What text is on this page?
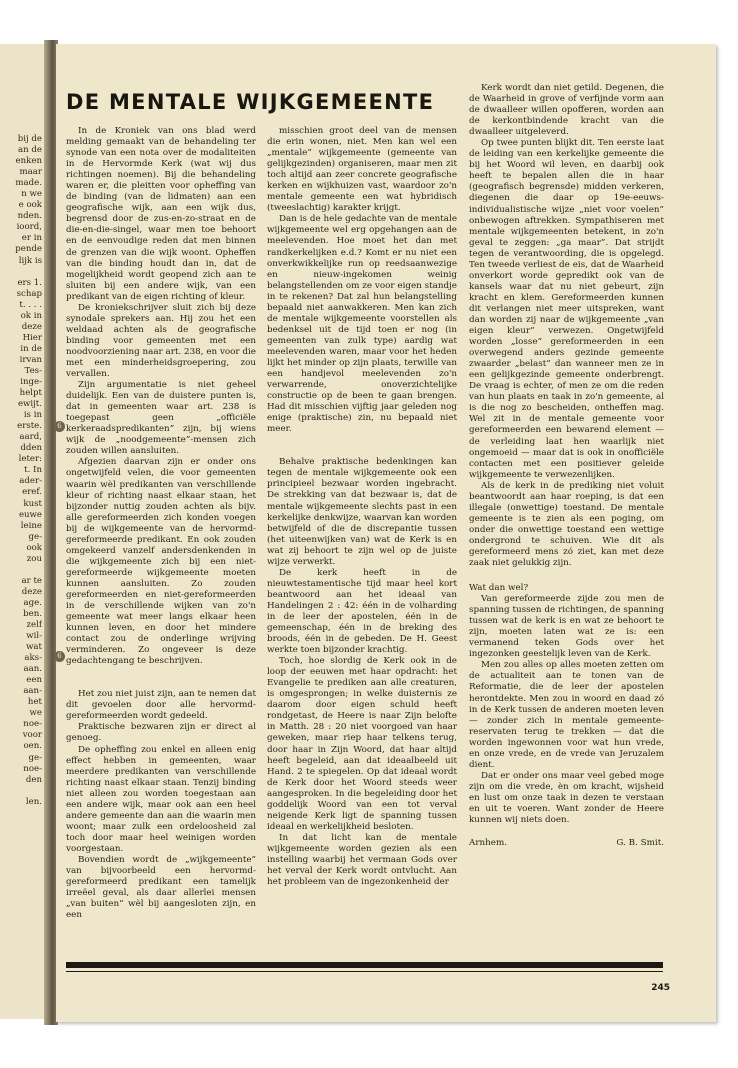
bij de
an de
enken
maar
made.
n we
e ook
nden.
ioord,
er in
pende
lijk is
ers 1.
schap
t. . . .
ok in
deze
Hier
in de
irvan
Tes-
inge-
helpt
ewijt.
is in
erste.
aard,
dden
leter:
t. In
ader-
eref.
kust
euwe
leine
ge-
ook
zou
ar te
deze
age.
ben.
zelf
wil-
wat
aks-
aan.
een
aan-
het
we
noe-
voor
oen.
ge-
noe-
den
len.
DE MENTALE WIJKGEMEENTE

In de Kroniek van ons blad werd melding gemaakt van de behandeling ter synode van een nota over de modaliteiten in de Hervormde Kerk (wat wij dus richtingen noemen). Bij die behandeling waren er, die pleitten voor opheffing van de binding (van de lidmaten) aan een geografische wijk, aan een wijk dus, begrensd door de zus-en-zo-straat en de die-en-die-singel, waar men toe behoort en de eenvoudige reden dat men binnen de grenzen van die wijk woont. Opheffen van die binding houdt dan in, dat de mogelijkheid wordt geopend zich aan te sluiten bij een andere wijk, van een predikant van de eigen richting of kleur.

De kroniekschrijver sluit zich bij deze synodale sprekers aan. Hij zou het een weldaad achten als de geografische binding voor gemeenten met een noodvoorziening naar art. 238, en voor die met een minderheidsgroepering, zou vervallen.

Zijn argumentatie is niet geheel duidelijk. Een van de duistere punten is, dat in gemeenten waar art. 238 is toegepast geen „officiële kerkeraadspredikanten” zijn, bij wiens wijk de „noodgemeente”-mensen zich zouden willen aansluiten.

Afgezien daarvan zijn er onder ons ongetwijfeld velen, die voor gemeenten waarin wèl predikanten van verschillende kleur of richting naast elkaar staan, het bijzonder nuttig zouden achten als bijv. alle gereformeerden zich konden voegen bij de wijkgemeente van de hervormd-gereformeerde predikant. En ook zouden omgekeerd vanzelf andersdenkenden in die wijkgemeente zich bij een niet-gereformeerde wijkgemeente moeten kunnen aansluiten. Zo zouden gereformeerden en niet-gereformeerden in de verschillende wijken van zo'n gemeente wat meer langs elkaar heen kunnen leven, en door het mindere contact zou de onderlinge wrijving verminderen. Zo ongeveer is deze gedachtengang te beschrijven.

Het zou niet juist zijn, aan te nemen dat dit gevoelen door alle hervormd-gereformeerden wordt gedeeld.

Praktische bezwaren zijn er direct al genoeg.

De opheffing zou enkel en alleen enig effect hebben in gemeenten, waar meerdere predikanten van verschillende richting naast elkaar staan. Tenzij binding niet alleen zou worden toegestaan aan een andere wijk, maar ook aan een heel andere gemeente dan aan die waarin men woont; maar zulk een ordeloosheid zal toch door maar heel weinigen worden voorgestaan.

Bovendien wordt de „wijkgemeente” van bijvoorbeeld een hervormd-gereformeerd predikant een tamelijk irreëel geval, als daar allerlei mensen „van buiten” wèl bij aangesloten zijn, en een

misschien groot deel van de mensen die erin wonen, niet. Men kan wel een „mentale” wijkgemeente (gemeente van gelijkgezinden) organiseren, maar men zit toch altijd aan zeer concrete geografische kerken en wijkhuizen vast, waardoor zo'n mentale gemeente een wat hybridisch (tweeslachtig) karakter krijgt.

Dan is de hele gedachte van de mentale wijkgemeente wel erg opgehangen aan de meelevenden. Hoe moet het dan met randkerkelijken e.d.? Komt er nu niet een onverkwikkelijke run op reedsaanwezige en nieuw-ingekomen weinig belangstellenden om ze voor eigen standje in te rekenen? Dat zal hun belangstelling bepaald niet aanwakkeren. Men kan zich de mentale wijkgemeente voorstellen als bedenksel uit de tijd toen er nog (in gemeenten van zulk type) aardig wat meelevenden waren, maar voor het heden lijkt het minder op zijn plaats, terwille van een handjevol meelevenden zo'n verwarrende, onoverzichtelijke constructie op de been te gaan brengen. Had dit misschien vijftig jaar geleden nog enige (praktische) zin, nu bepaald niet meer.

Behalve praktische bedenkingen kan tegen de mentale wijkgemeente ook een principieel bezwaar worden ingebracht. De strekking van dat bezwaar is, dat de mentale wijkgemeente slechts past in een kerkelijke denkwijze, waarvan kan worden betwijfeld of die de discrepantie tussen (het uiteenwijken van) wat de Kerk is en wat zij behoort te zijn wel op de juiste wijze verwerkt.

De kerk heeft in de nieuwtestamentische tijd maar heel kort beantwoord aan het ideaal van Handelingen 2 : 42: één in de volharding in de leer der apostelen, één in de gemeenschap, één in de breking des broods, één in de gebeden. De H. Geest werkte toen bijzonder krachtig.

Toch, hoe slordig de Kerk ook in de loop der eeuwen met haar opdracht: het Evangelie te prediken aan alle creaturen, is omgesprongen; in welke duisternis ze daarom door eigen schuld heeft rondgetast, de Heere is naar Zijn belofte in Matth. 28 : 20 niet voorgoed van haar geweken, maar riep haar telkens terug, door haar in Zijn Woord, dat haar altijd heeft begeleid, aan dat ideaalbeeld uit Hand. 2 te spiegelen. Op dat ideaal wordt de Kerk door het Woord steeds weer aangesproken. In die begeleiding door het goddelijk Woord van een tot verval neigende Kerk ligt de spanning tussen ideaal en werkelijkheid besloten.

In dat licht kan de mentale wijkgemeente worden gezien als een instelling waarbij het vermaan Gods over het verval der Kerk wordt ontvlucht. Aan het probleem van de ingezonkenheid der

Kerk wordt dan niet getild. Degenen, die de Waarheid in grove of verfijnde vorm aan de dwaalleer willen opofferen, worden aan de kerkontbindende kracht van die dwaalleer uitgeleverd.

Op twee punten blijkt dit. Ten eerste laat de leiding van een kerkelijke gemeente die bij het Woord wil leven, en daarbij ook heeft te bepalen allen die in haar (geografisch begrensde) midden verkeren, diegenen die daar op 19e-eeuws-individualistische wijze „niet voor voelen” onbewogen aftrekken. Sympathiseren met mentale wijkgemeenten betekent, in zo'n geval te zeggen: „ga maar”. Dat strijdt tegen de verantwoording, die is opgelegd. Ten tweede verliest de eis, dat de Waarheid onverkort worde gepredikt ook van de kansels waar dat nu niet gebeurt, zijn kracht en klem. Gereformeerden kunnen dit verlangen niet meer uitspreken, want dan worden zij naar de wijkgemeente „van eigen kleur” verwezen. Ongetwijfeld worden „losse” gereformeerden in een overwegend anders gezinde gemeente zwaarder „belast” dan wanneer men ze in een gelijkgezinde gemeente onderbrengt. De vraag is echter, of men ze om die reden van hun plaats en taak in zo'n gemeente, al is die nog zo bescheiden, ontheffen mag. Wel zit in de mentale gemeente voor gereformeerden een bewarend element — de verleiding laat hen waarlijk niet ongemoeid — maar dat is ook in onofficiële contacten met een positiever geleide wijkgemeente te verwezenlijken.

Als de kerk in de prediking niet voluit beantwoordt aan haar roeping, is dat een illegale (onwettige) toestand. De mentale gemeente is te zien als een poging, om onder die onwettige toestand een wettige ondergrond te schuiven. Wie dit als gereformeerd mens zó ziet, kan met deze zaak niet gelukkig zijn.

Wat dan wel?

Van gereformeerde zijde zou men de spanning tussen de richtingen, de spanning tussen wat de kerk is en wat ze behoort te zijn, moeten laten wat ze is: een vermanend teken Gods over het ingezonken geestelijk leven van de Kerk.

Men zou alles op alles moeten zetten om de actualiteit aan te tonen van de Reformatie, die de leer der apostelen herontdekte. Men zou in woord en daad zó in de Kerk tussen de anderen moeten leven — zonder zich in mentale gemeente-reservaten terug te trekken — dat die worden ingewonnen voor wat hun vrede, en onze vrede, en de vrede van Jeruzalem dient.

Dat er onder ons maar veel gebed moge zijn om die vrede, èn om kracht, wijsheid en lust om onze taak in dezen te verstaan en uit te voeren. Want zonder de Heere kunnen wij niets doen.

Arnhem.	G. B. Smit.
6
6
245
